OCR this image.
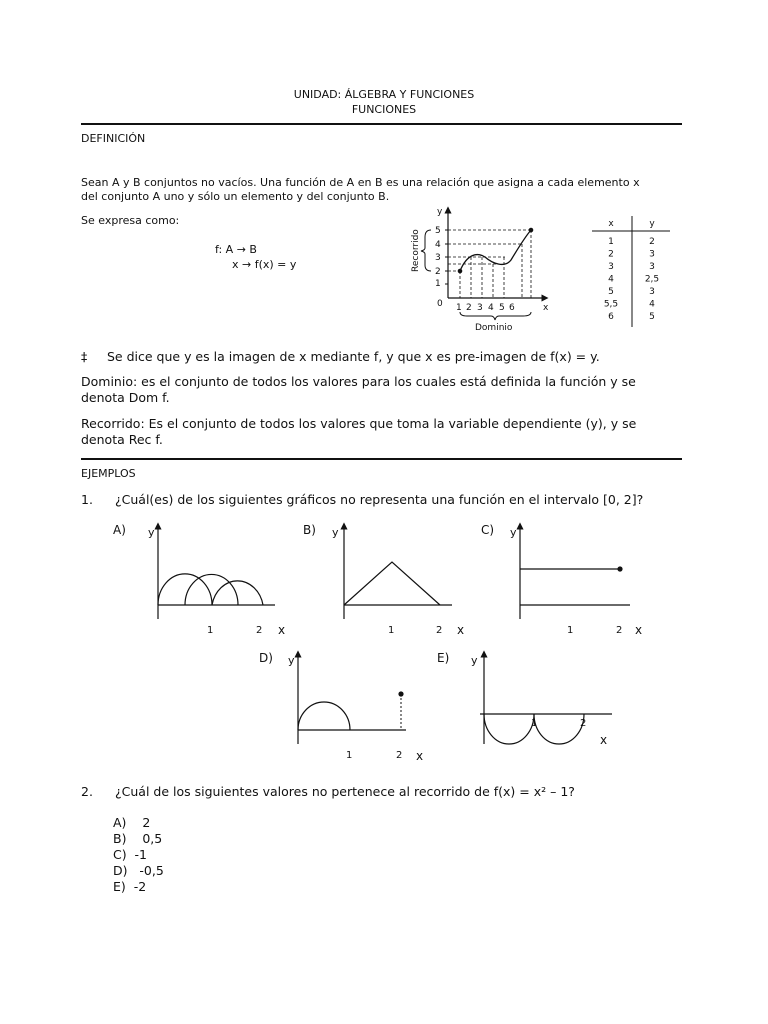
UNIDAD: ÁLGEBRA Y FUNCIONES
FUNCIONES
DEFINICIÓN
Sean A y B conjuntos no vacíos. Una función de A en B es una relación que asigna a cada elemento x
del conjunto A uno y sólo un elemento y del conjunto B.
Se expresa como:
f: A → B
x → f(x) = y
y
x
0
1
2
3
4
5
1 2 3 4 5 6
Recorrido
Dominio
x	y
1	2
2	3
3	3
4	2,5
5	3
5,5	4
6	5
‡ Se dice que y es la imagen de x mediante f, y que x es pre-imagen de f(x) = y.
Dominio: es el conjunto de todos los valores para los cuales está definida la función y se
denota Dom f.
Recorrido: Es el conjunto de todos los valores que toma la variable dependiente (y), y se
denota Rec f.
EJEMPLOS
1. ¿Cuál(es) de los siguientes gráficos no representa una función en el intervalo [0, 2]?
A) y
1	2 x
B) y
1	2 x
C) y
1	2 x
D) y
1	2 x
E) y
1	2
x
2. ¿Cuál de los siguientes valores no pertenece al recorrido de f(x) = x² – 1?
A)    2
B)    0,5
C)  -1
D)   -0,5
E)  -2
